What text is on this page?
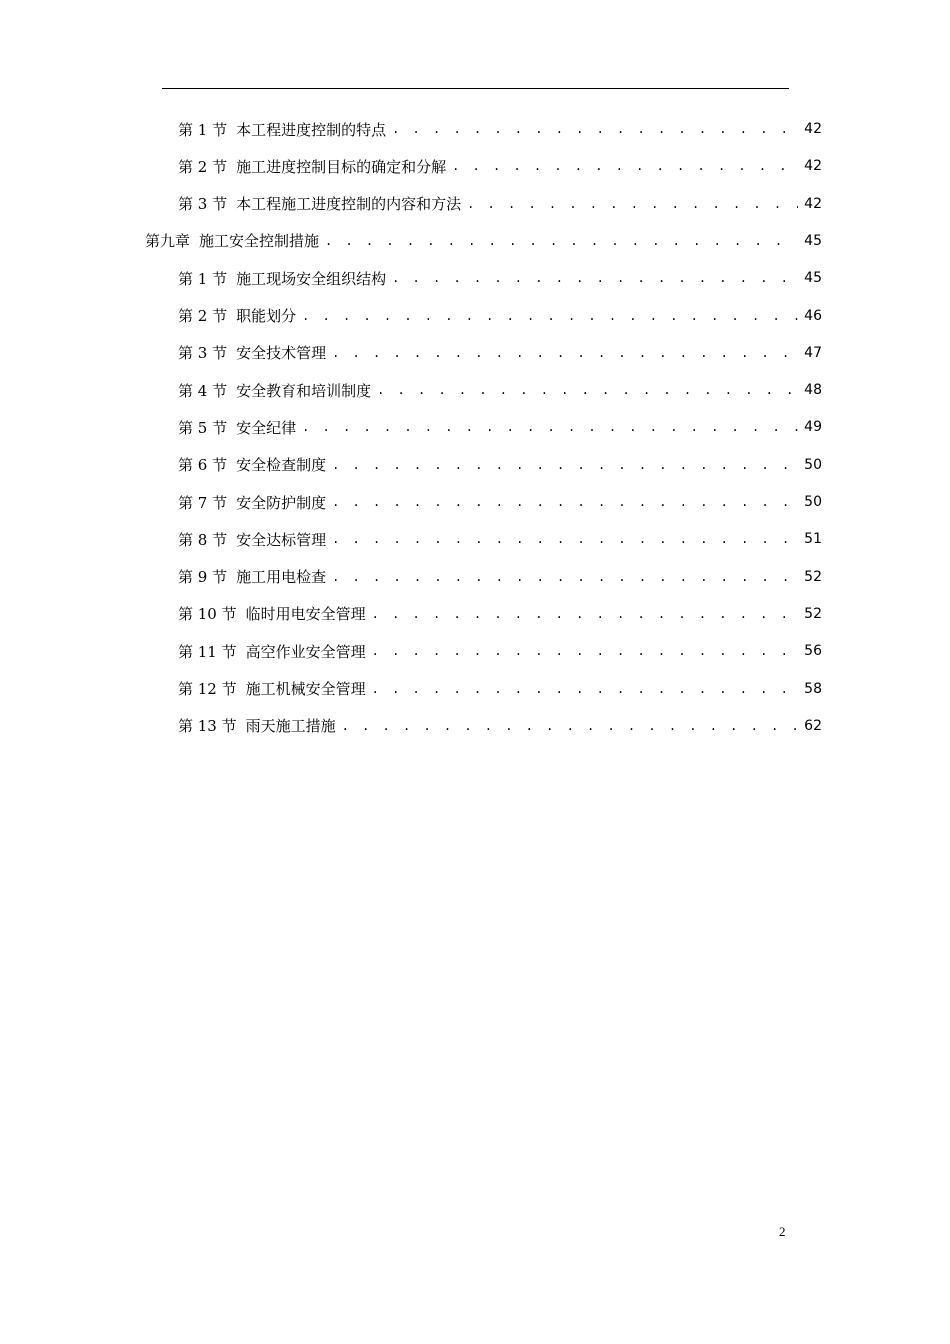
第 1 节 本工程进度控制的特点 . . .	42
第 2 节 施工进度控制目标的确定和分解 . . .	42
第 3 节 本工程施工进度控制的内容和方法 . . .	42
第九章 施工安全控制措施 . . .	45
第 1 节 施工现场安全组织结构 . . .	45
第 2 节 职能划分 . . .	46
第 3 节 安全技术管理 . . .	47
第 4 节 安全教育和培训制度 . . .	48
第 5 节 安全纪律 . . .	49
第 6 节 安全检查制度 . . .	50
第 7 节 安全防护制度 . . .	50
第 8 节 安全达标管理 . . .	51
第 9 节 施工用电检查 . . .	52
第 10 节 临时用电安全管理 . . .	52
第 11 节 高空作业安全管理 . . .	56
第 12 节 施工机械安全管理 . . .	58
第 13 节 雨天施工措施 . . .	62
2
